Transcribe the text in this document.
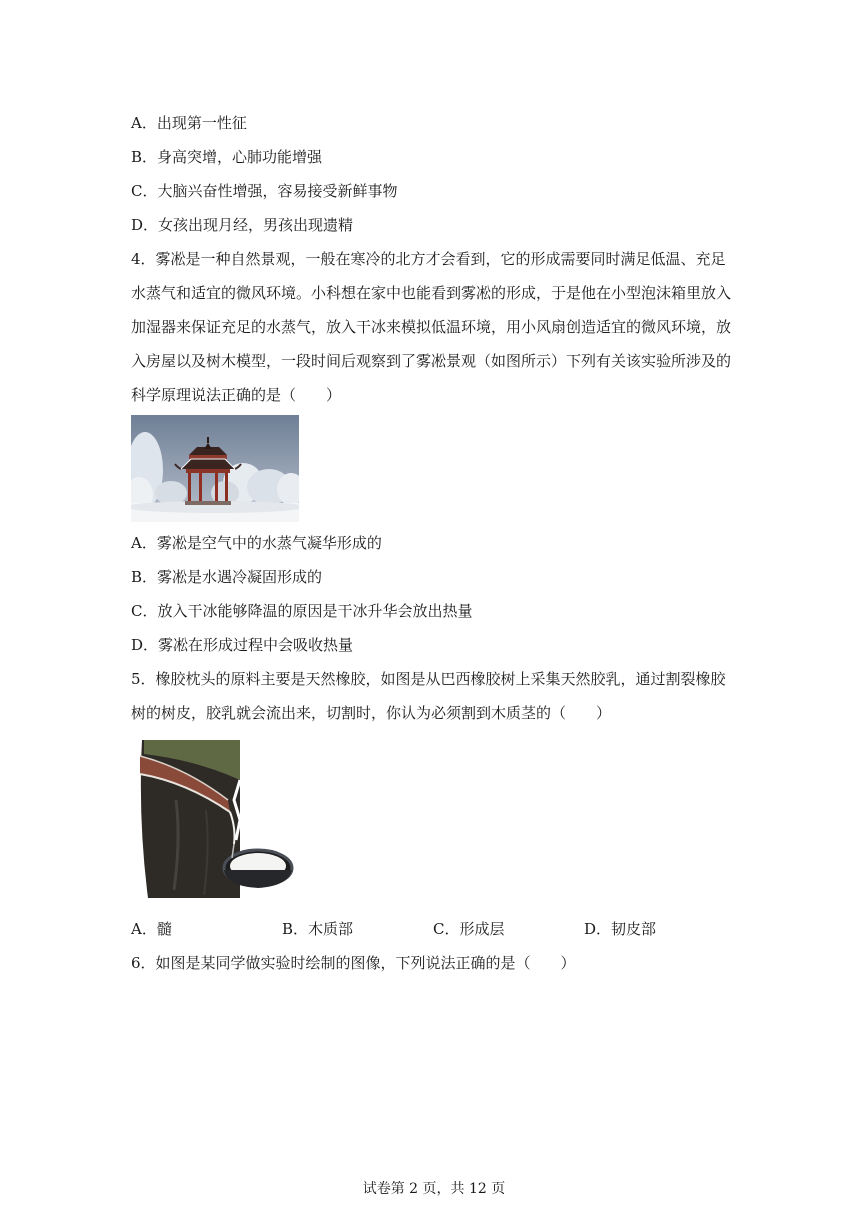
A．出现第一性征
B．身高突增，心肺功能增强
C．大脑兴奋性增强，容易接受新鲜事物
D．女孩出现月经，男孩出现遗精
4．雾凇是一种自然景观，一般在寒冷的北方才会看到，它的形成需要同时满足低温、充足
水蒸气和适宜的微风环境。小科想在家中也能看到雾凇的形成，于是他在小型泡沫箱里放入
加湿器来保证充足的水蒸气，放入干冰来模拟低温环境，用小风扇创造适宜的微风环境，放
入房屋以及树木模型，一段时间后观察到了雾凇景观（如图所示）下列有关该实验所涉及的
科学原理说法正确的是（　　）
A．雾凇是空气中的水蒸气凝华形成的
B．雾凇是水遇冷凝固形成的
C．放入干冰能够降温的原因是干冰升华会放出热量
D．雾凇在形成过程中会吸收热量
5．橡胶枕头的原料主要是天然橡胶，如图是从巴西橡胶树上采集天然胶乳，通过割裂橡胶
树的树皮，胶乳就会流出来，切割时，你认为必须割到木质茎的（　　）
A．髓	B．木质部	C．形成层	D．韧皮部
6．如图是某同学做实验时绘制的图像，下列说法正确的是（　　）
试卷第 2 页，共 12 页
